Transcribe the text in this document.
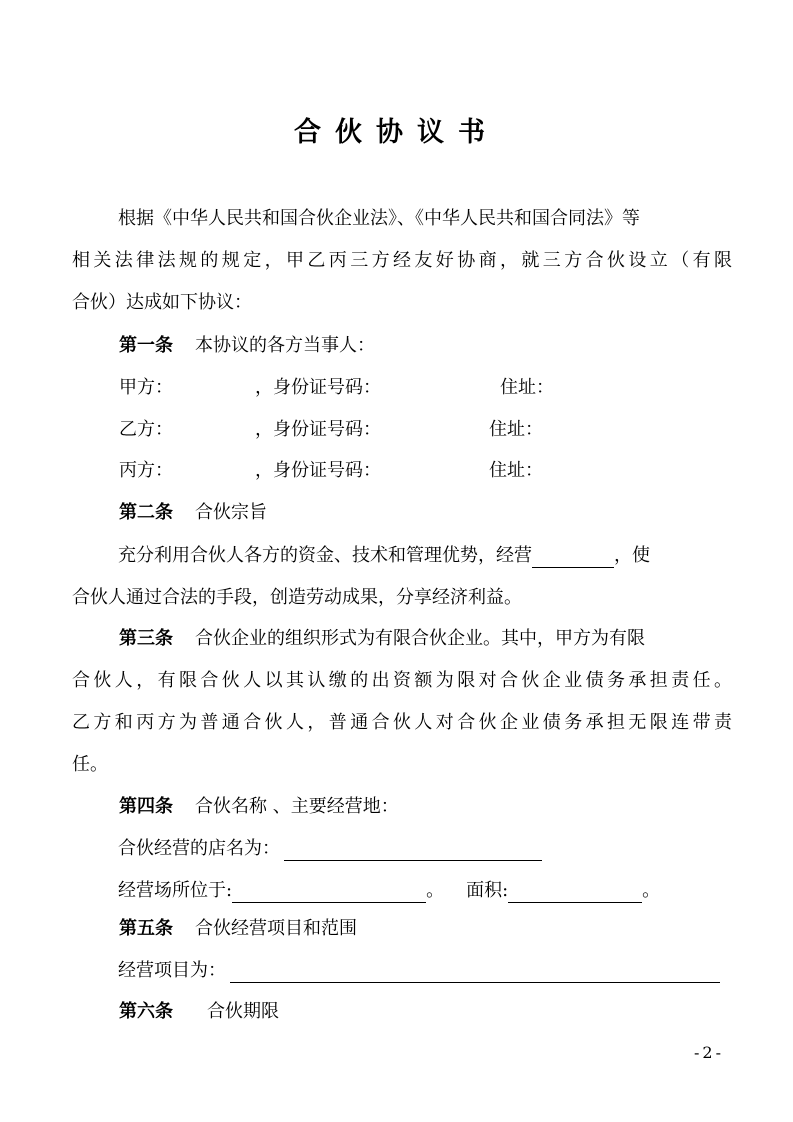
合伙协议书
根据《中华人民共和国合伙企业法》、《中华人民共和国合同法》等
相关法律法规的规定，甲乙丙三方经友好协商，就三方合伙设立（有限
合伙）达成如下协议：
第一条 本协议的各方当事人：
甲方：	，身份证号码：	住址：
乙方：	，身份证号码：	住址：
丙方：	，身份证号码：	住址：
第二条 合伙宗旨
充分利用合伙人各方的资金、技术和管理优势，经营	，使
合伙人通过合法的手段，创造劳动成果，分享经济利益。
第三条 合伙企业的组织形式为有限合伙企业。其中，甲方为有限
合伙人，有限合伙人以其认缴的出资额为限对合伙企业债务承担责任。
乙方和丙方为普通合伙人，普通合伙人对合伙企业债务承担无限连带责
任。
第四条 合伙名称 、主要经营地：
合伙经营的店名为：
经营场所位于:	。 面积:	。
第五条 合伙经营项目和范围
经营项目为：
第六条 合伙期限
-2-
